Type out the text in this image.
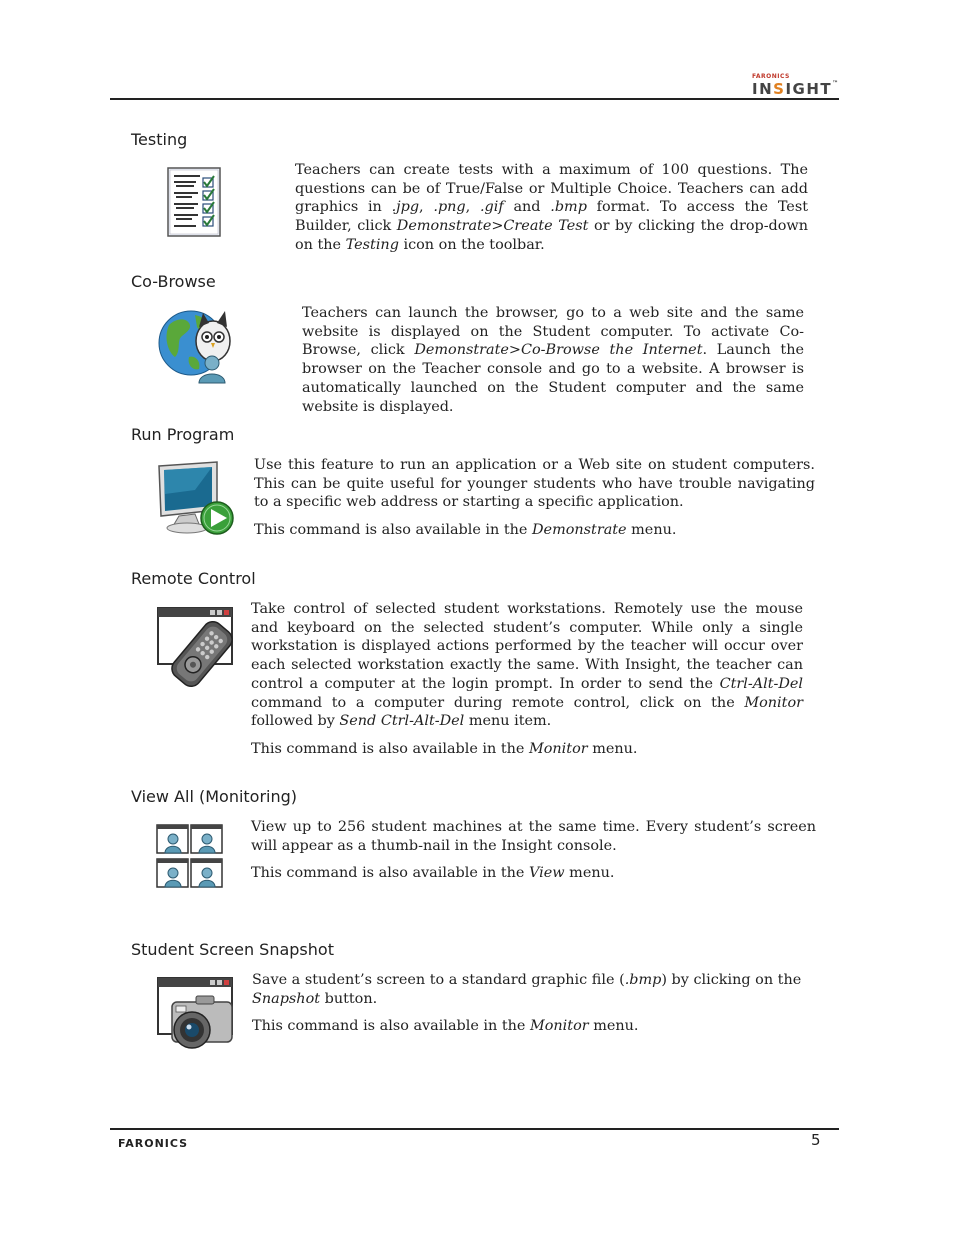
FARONICS
INSIGHT™
Testing

Teachers can create tests with a maximum of 100 questions. The questions can be of True/False or Multiple Choice. Teachers can add graphics in .jpg, .png, .gif and .bmp format. To access the Test Builder, click Demonstrate>Create Test or by clicking the drop-down on the Testing icon on the toolbar.

Co-Browse

Teachers can launch the browser, go to a web site and the same website is displayed on the Student computer. To activate Co-Browse, click Demonstrate>Co-Browse the Internet. Launch the browser on the Teacher console and go to a website. A browser is automatically launched on the Student computer and the same website is displayed.

Run Program

Use this feature to run an application or a Web site on student computers. This can be quite useful for younger students who have trouble navigating to a specific web address or starting a specific application.

This command is also available in the Demonstrate menu.

Remote Control

Take control of selected student workstations. Remotely use the mouse and keyboard on the selected student’s computer. While only a single workstation is displayed actions performed by the teacher will occur over each selected workstation exactly the same. With Insight, the teacher can control a computer at the login prompt. In order to send the Ctrl-Alt-Del command to a computer during remote control, click on the Monitor followed by Send Ctrl-Alt-Del menu item.

This command is also available in the Monitor menu.

View All (Monitoring)

View up to 256 student machines at the same time. Every student’s screen will appear as a thumb-nail in the Insight console.

This command is also available in the View menu.

Student Screen Snapshot

Save a student’s screen to a standard graphic file (.bmp) by clicking on the Snapshot button.

This command is also available in the Monitor menu.

FARONICS	5
